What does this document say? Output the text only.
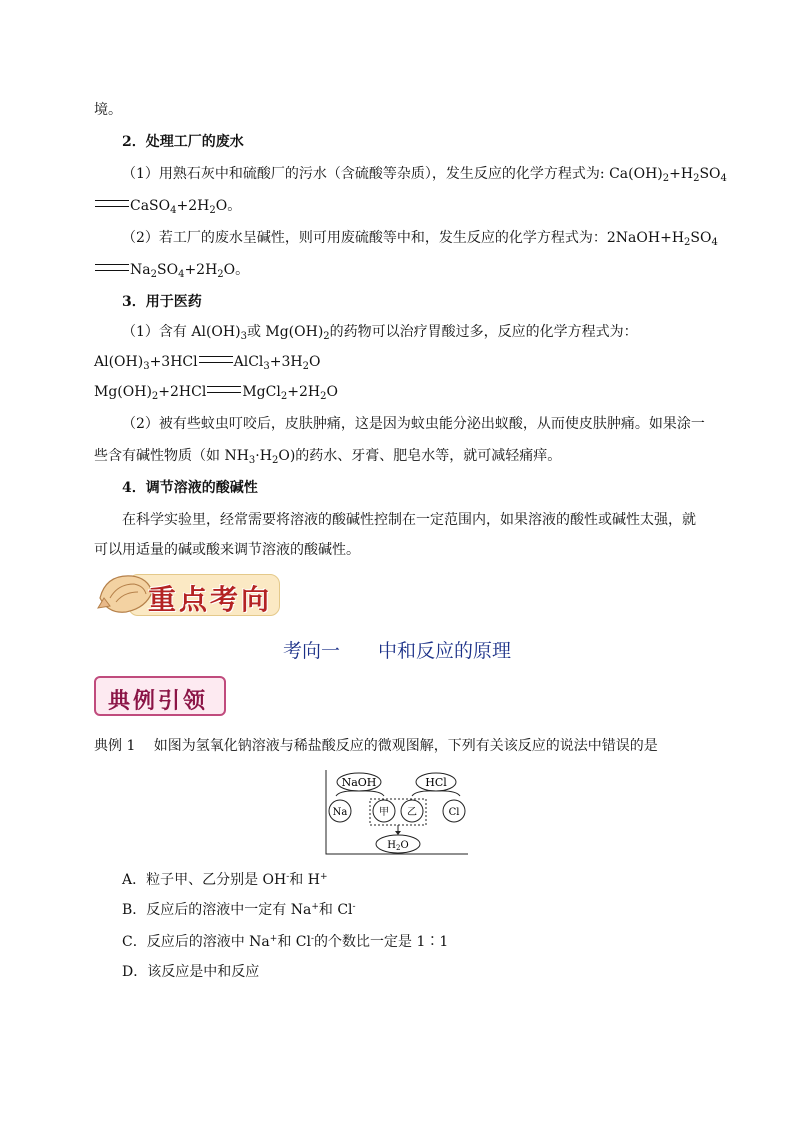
境。
2．处理工厂的废水
（1）用熟石灰中和硫酸厂的污水（含硫酸等杂质），发生反应的化学方程式为: $Ca(OH)_2+H_2SO_4$
$CaSO_4+2H_2O$。
（2）若工厂的废水呈碱性，则可用废硫酸等中和，发生反应的化学方程式为：$2NaOH+H_2SO_4$
$Na_2SO_4+2H_2O$。
3．用于医药
（1）含有 $Al(OH)_3$或 $Mg(OH)_2$的药物可以治疗胃酸过多，反应的化学方程式为：
$Al(OH)_3+3HCl$	$AlCl_3+3H_2O$
$Mg(OH)_2+2HCl$	$MgCl_2+2H_2O$
（2）被有些蚊虫叮咬后，皮肤肿痛，这是因为蚊虫能分泌出蚁酸，从而使皮肤肿痛。如果涂一
些含有碱性物质（如 $NH_3\cdot H_2O$)的药水、牙膏、肥皂水等，就可减轻痛痒。
4．调节溶液的酸碱性
在科学实验里，经常需要将溶液的酸碱性控制在一定范围内，如果溶液的酸性或碱性太强，就
可以用适量的碱或酸来调节溶液的酸碱性。
重点考向
考向一　　中和反应的原理
典例引领
典例 1　 如图为氢氧化钠溶液与稀盐酸反应的微观图解，下列有关该反应的说法中错误的是
NaOH	HCl
Na	甲 乙	Cl
$H_2O$
A．粒子甲、乙分别是 OH-和 H+
B．反应后的溶液中一定有 Na+和 Cl-
C．反应后的溶液中 Na+和 Cl-的个数比一定是 1∶1
D．该反应是中和反应
